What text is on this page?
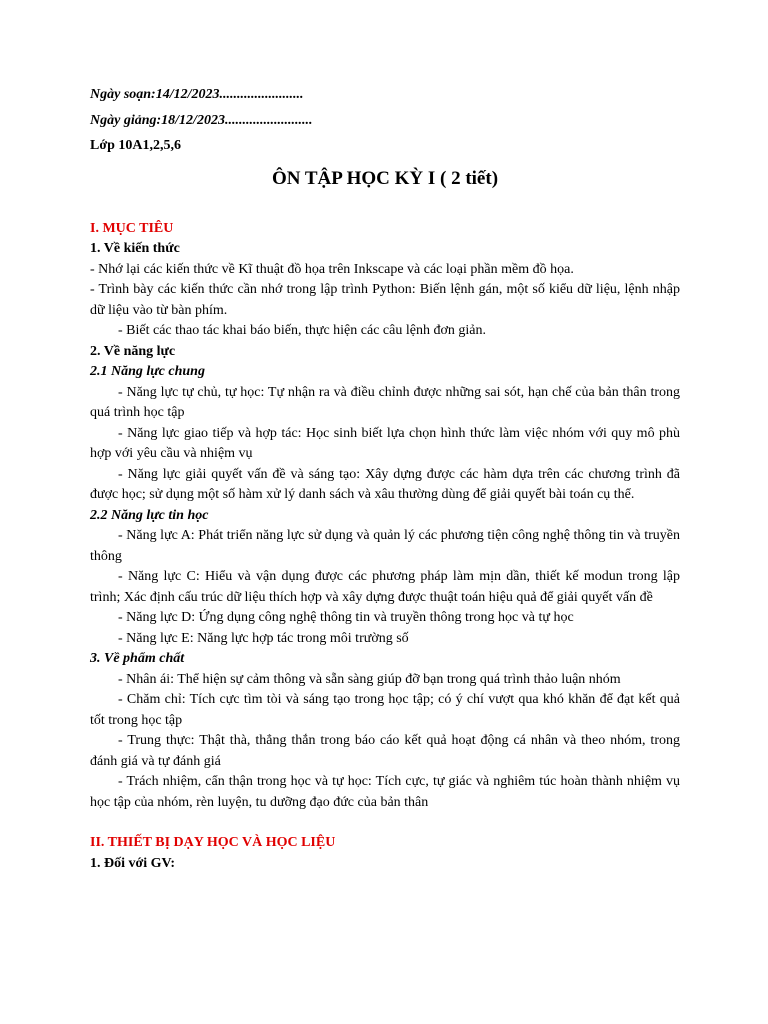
Ngày soạn:14/12/2023........................

Ngày giảng:18/12/2023.........................

Lớp 10A1,2,5,6

ÔN TẬP HỌC KỲ I ( 2 tiết)

I. MỤC TIÊU

1. Về kiến thức

- Nhớ lại các kiến thức về Kĩ thuật đồ họa trên Inkscape và các loại phần mềm đồ họa.

- Trình bày các kiến thức cần nhớ trong lập trình Python: Biến lệnh gán, một số kiểu dữ liệu, lệnh nhập dữ liệu vào từ bàn phím.

- Biết các thao tác khai báo biến, thực hiện các câu lệnh đơn giản.

2. Về năng lực

2.1 Năng lực chung

- Năng lực tự chủ, tự học: Tự nhận ra và điều chỉnh được những sai sót, hạn chế của bản thân trong quá trình học tập

- Năng lực giao tiếp và hợp tác: Học sinh biết lựa chọn hình thức làm việc nhóm với quy mô phù hợp với yêu cầu và nhiệm vụ

- Năng lực giải quyết vấn đề và sáng tạo: Xây dựng được các hàm dựa trên các chương trình đã được học; sử dụng một số hàm xử lý danh sách và xâu thường dùng để giải quyết bài toán cụ thể.

2.2 Năng lực tin học

- Năng lực A: Phát triển năng lực sử dụng và quản lý các phương tiện công nghệ thông tin và truyền thông

- Năng lực C: Hiểu và vận dụng được các phương pháp làm mịn dần, thiết kế modun trong lập trình; Xác định cấu trúc dữ liệu thích hợp và xây dựng được thuật toán hiệu quả để giải quyết vấn đề

- Năng lực D: Ứng dụng công nghệ thông tin và truyền thông trong học và tự học

- Năng lực E: Năng lực hợp tác trong môi trường số

3. Về phẩm chất

- Nhân ái: Thể hiện sự cảm thông và sẵn sàng giúp đỡ bạn trong quá trình thảo luận nhóm

- Chăm chỉ: Tích cực tìm tòi và sáng tạo trong học tập; có ý chí vượt qua khó khăn để đạt kết quả tốt trong học tập

- Trung thực: Thật thà, thẳng thắn trong báo cáo kết quả hoạt động cá nhân và theo nhóm, trong đánh giá và tự đánh giá

- Trách nhiệm, cẩn thận trong học và tự học: Tích cực, tự giác và nghiêm túc hoàn thành nhiệm vụ học tập của nhóm, rèn luyện, tu dưỡng đạo đức của bản thân

II. THIẾT BỊ DẠY HỌC VÀ HỌC LIỆU

1. Đối với GV:
